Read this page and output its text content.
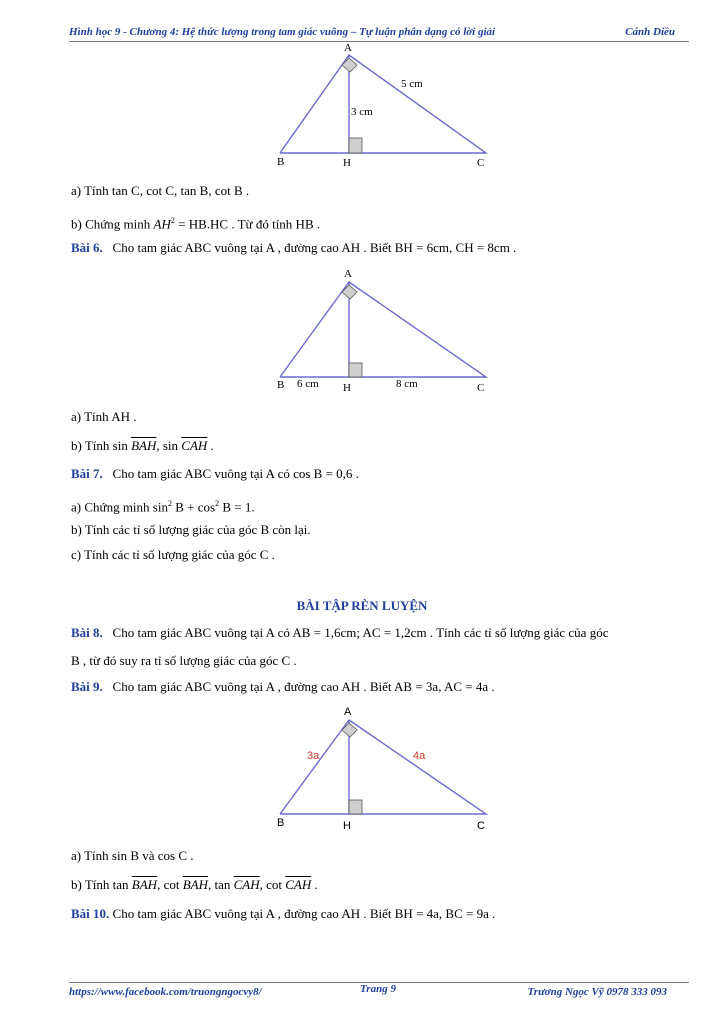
Hình học 9 - Chương 4: Hệ thức lượng trong tam giác vuông – Tự luận phân dạng có lời giải	Cánh Diều
A
B	H	C
5 cm
3 cm
a) Tính tan C, cot C, tan B, cot B .
b) Chứng minh $AH^2 = HB.HC$ . Từ đó tính HB .
Bài 6. Cho tam giác ABC vuông tại A , đường cao AH . Biết BH = 6cm, CH = 8cm .
A
B 6 cm H	8 cm	C
a) Tính AH .
b) Tính $\sin \overline{BAH}$, $\sin \overline{CAH}$ .
Bài 7. Cho tam giác ABC vuông tại A có cos B = 0,6 .
a) Chứng minh $\sin^2 B + \cos^2 B = 1$.
b) Tính các tỉ số lượng giác của góc B còn lại.
c) Tính các tỉ số lượng giác của góc C .
BÀI TẬP RÈN LUYỆN
Bài 8. Cho tam giác ABC vuông tại A có AB = 1,6cm; AC = 1,2cm . Tính các tỉ số lượng giác của góc
B , từ đó suy ra tỉ số lượng giác của góc C .
Bài 9. Cho tam giác ABC vuông tại A , đường cao AH . Biết AB = 3a, AC = 4a .
A
B	H	C
3a	4a
a) Tính sin B và cos C .
b) Tính $\tan \overline{BAH}$, $\cot \overline{BAH}$, $\tan \overline{CAH}$, $\cot \overline{CAH}$ .
Bài 10. Cho tam giác ABC vuông tại A , đường cao AH . Biết BH = 4a, BC = 9a .
https://www.facebook.com/truongngocvy8/	Trang 9	Trương Ngọc Vỹ 0978 333 093
